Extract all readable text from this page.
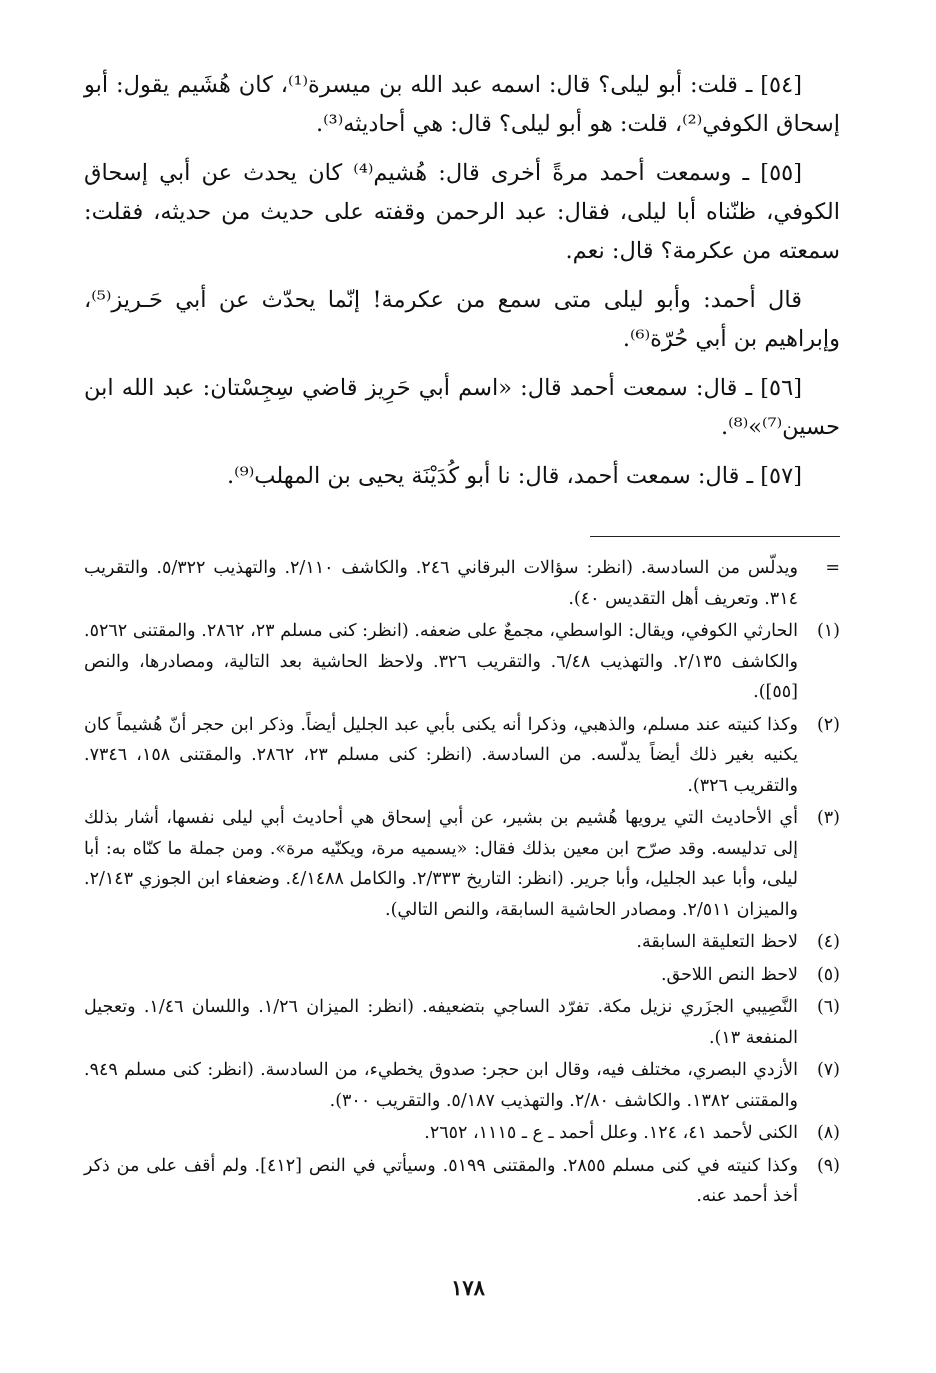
[٥٤] ـ قلت: أبو ليلى؟ قال: اسمه عبد الله بن ميسرة⁽¹⁾، كان هُشَيم يقول: أبو إسحاق الكوفي⁽²⁾، قلت: هو أبو ليلى؟ قال: هي أحاديثه⁽³⁾.

[٥٥] ـ وسمعت أحمد مرةً أخرى قال: هُشيم⁽⁴⁾ كان يحدث عن أبي إسحاق الكوفي، ظنّناه أبا ليلى، فقال: عبد الرحمن وقفته على حديث من حديثه، فقلت: سمعته من عكرمة؟ قال: نعم.

قال أحمد: وأبو ليلى متى سمع من عكرمة! إنّما يحدّث عن أبي حَـريز⁽⁵⁾، وإبراهيم بن أبي حُرّة⁽⁶⁾.

[٥٦] ـ قال: سمعت أحمد قال: «اسم أبي حَرِيز قاضي سِجِسْتان: عبد الله ابن حسين⁽⁷⁾»⁽⁸⁾.

[٥٧] ـ قال: سمعت أحمد، قال: نا أبو كُدَيْنَة يحيى بن المهلب⁽⁹⁾.

=
ويدلّس من السادسة. (انظر: سؤالات البرقاني ٢٤٦. والكاشف ٢/١١٠. والتهذيب ٥/٣٢٢. والتقريب ٣١٤. وتعريف أهل التقديس ٤٠).
(١)
الحارثي الكوفي، ويقال: الواسطي، مجمعٌ على ضعفه. (انظر: كنى مسلم ٢٣، ٢٨٦٢. والمقتنى ٥٢٦٢. والكاشف ٢/١٣٥. والتهذيب ٦/٤٨. والتقريب ٣٢٦. ولاحظ الحاشية بعد التالية، ومصادرها، والنص [٥٥]).
(٢)
وكذا كنيته عند مسلم، والذهبي، وذكرا أنه يكنى بأبي عبد الجليل أيضاً. وذكر ابن حجر أنّ هُشيماً كان يكنيه بغير ذلك أيضاً يدلّسه. من السادسة. (انظر: كنى مسلم ٢٣، ٢٨٦٢. والمقتنى ١٥٨، ٧٣٤٦. والتقريب ٣٢٦).
(٣)
أي الأحاديث التي يرويها هُشيم بن بشير، عن أبي إسحاق هي أحاديث أبي ليلى نفسها، أشار بذلك إلى تدليسه. وقد صرّح ابن معين بذلك فقال: «يسميه مرة، ويكنّيه مرة». ومن جملة ما كنّاه به: أبا ليلى، وأبا عبد الجليل، وأبا جرير. (انظر: التاريخ ٢/٣٣٣. والكامل ٤/١٤٨٨. وضعفاء ابن الجوزي ٢/١٤٣. والميزان ٢/٥١١. ومصادر الحاشية السابقة، والنص التالي).
(٤)
لاحظ التعليقة السابقة.
(٥)
لاحظ النص اللاحق.
(٦)
النَّصِيبي الجزَري نزيل مكة. تفرّد الساجي بتضعيفه. (انظر: الميزان ١/٢٦. واللسان ١/٤٦. وتعجيل المنفعة ١٣).
(٧)
الأزدي البصري، مختلف فيه، وقال ابن حجر: صدوق يخطيء، من السادسة. (انظر: كنى مسلم ٩٤٩. والمقتنى ١٣٨٢. والكاشف ٢/٨٠. والتهذيب ٥/١٨٧. والتقريب ٣٠٠).
(٨)
الكنى لأحمد ٤١، ١٢٤. وعلل أحمد ـ ع ـ ١١١٥، ٢٦٥٢.
(٩)
وكذا كنيته في كنى مسلم ٢٨٥٥. والمقتنى ٥١٩٩. وسيأتي في النص [٤١٢]. ولم أقف على من ذكر أخذ أحمد عنه.
١٧٨
